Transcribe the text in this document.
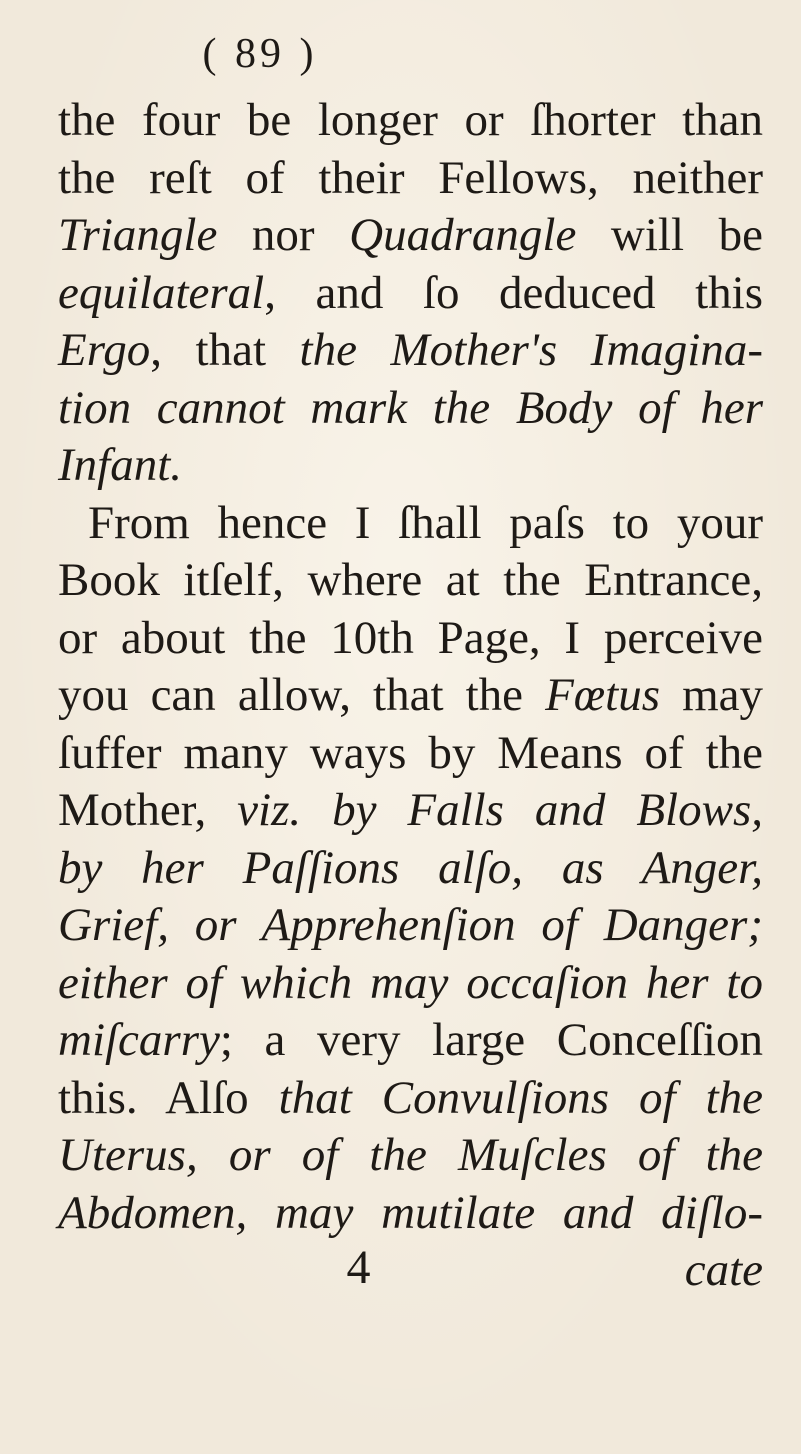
( 89 )
the four be longer or ſhorter than
the reſt of their Fellows, neither
Triangle nor Quadrangle will be
equilateral, and ſo deduced this
Ergo, that the Mother's Imagina-
tion cannot mark the Body of her
Infant.
From hence I ſhall paſs to your
Book itſelf, where at the Entrance,
or about the 10th Page, I perceive
you can allow, that the Fœtus may
ſuffer many ways by Means of the
Mother, viz. by Falls and Blows,
by her Paſſions alſo, as Anger,
Grief, or Apprehenſion of Danger;
either of which may occaſion her to
miſcarry; a very large Conceſſion
this. Alſo that Convulſions of the
Uterus, or of the Muſcles of the
Abdomen, may mutilate and diſlo-
cate
4
